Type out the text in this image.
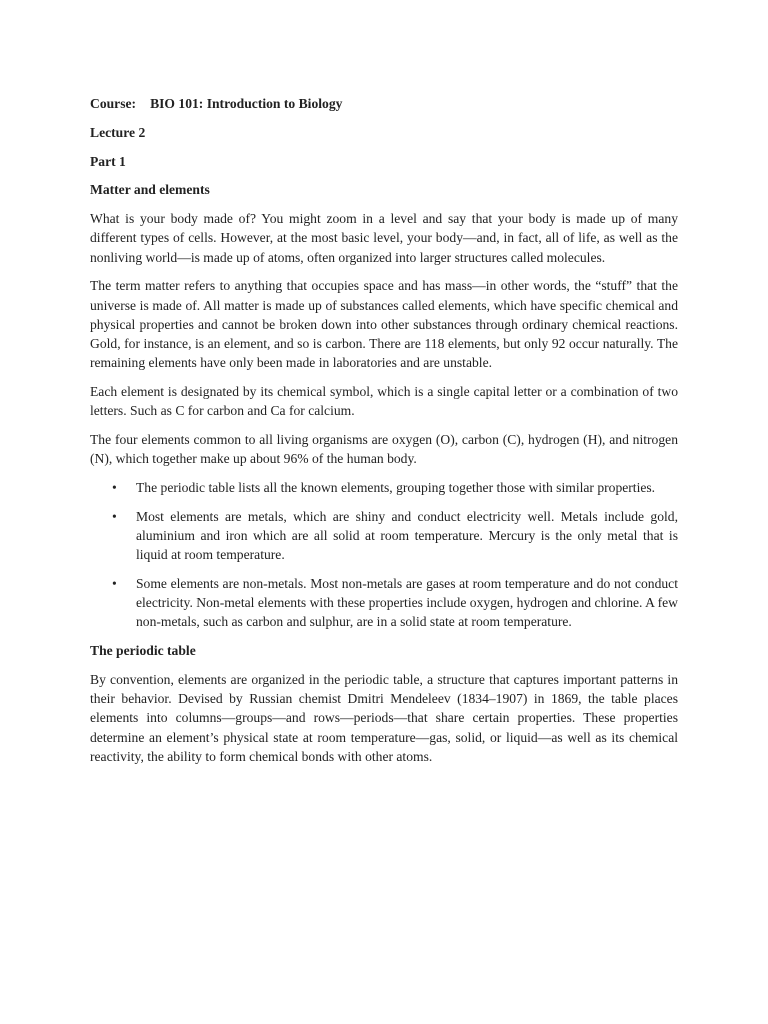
Course: BIO 101: Introduction to Biology
Lecture 2
Part 1
Matter and elements

What is your body made of? You might zoom in a level and say that your body is made up of many different types of cells. However, at the most basic level, your body—and, in fact, all of life, as well as the nonliving world—is made up of atoms, often organized into larger structures called molecules.

The term matter refers to anything that occupies space and has mass—in other words, the “stuff” that the universe is made of. All matter is made up of substances called elements, which have specific chemical and physical properties and cannot be broken down into other substances through ordinary chemical reactions. Gold, for instance, is an element, and so is carbon. There are 118 elements, but only 92 occur naturally. The remaining elements have only been made in laboratories and are unstable.

Each element is designated by its chemical symbol, which is a single capital letter or a combination of two letters. Such as C for carbon and Ca for calcium.

The four elements common to all living organisms are oxygen (O), carbon (C), hydrogen (H), and nitrogen (N), which together make up about 96% of the human body.

• The periodic table lists all the known elements, grouping together those with similar properties.
• Most elements are metals, which are shiny and conduct electricity well. Metals include gold, aluminium and iron which are all solid at room temperature. Mercury is the only metal that is liquid at room temperature.
• Some elements are non-metals. Most non-metals are gases at room temperature and do not conduct electricity. Non-metal elements with these properties include oxygen, hydrogen and chlorine. A few non-metals, such as carbon and sulphur, are in a solid state at room temperature.
The periodic table

By convention, elements are organized in the periodic table, a structure that captures important patterns in their behavior. Devised by Russian chemist Dmitri Mendeleev (1834–1907) in 1869, the table places elements into columns—groups—and rows—periods—that share certain properties. These properties determine an element’s physical state at room temperature—gas, solid, or liquid—as well as its chemical reactivity, the ability to form chemical bonds with other atoms.
